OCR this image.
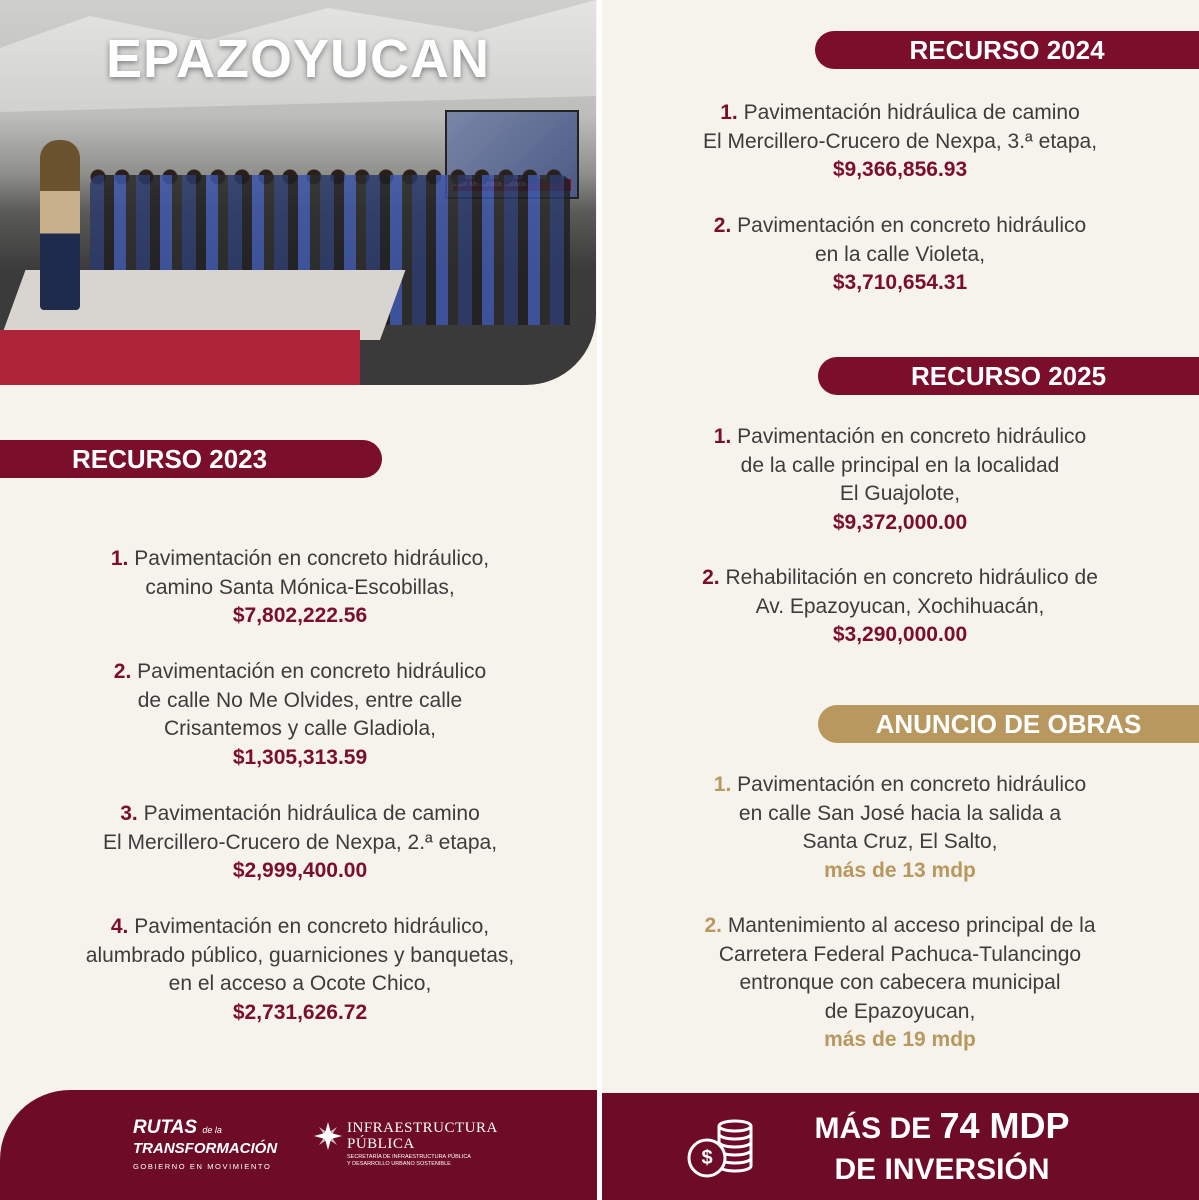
EPAZOYUCAN
RECURSO 2023
1. Pavimentación en concreto hidráulico,
camino Santa Mónica-Escobillas,
$7,802,222.56
2. Pavimentación en concreto hidráulico
de calle No Me Olvides, entre calle
Crisantemos y calle Gladiola,
$1,305,313.59
3. Pavimentación hidráulica de camino
El Mercillero-Crucero de Nexpa, 2.ª etapa,
$2,999,400.00
4. Pavimentación en concreto hidráulico,
alumbrado público, guarniciones y banquetas,
en el acceso a Ocote Chico,
$2,731,626.72
RECURSO 2024
1. Pavimentación hidráulica de camino
El Mercillero-Crucero de Nexpa, 3.ª etapa,
$9,366,856.93
2. Pavimentación en concreto hidráulico
en la calle Violeta,
$3,710,654.31
RECURSO 2025
1. Pavimentación en concreto hidráulico
de la calle principal en la localidad
El Guajolote,
$9,372,000.00
2. Rehabilitación en concreto hidráulico de
Av. Epazoyucan, Xochihuacán,
$3,290,000.00
ANUNCIO DE OBRAS
1. Pavimentación en concreto hidráulico
en calle San José hacia la salida a
Santa Cruz, El Salto,
más de 13 mdp
2. Mantenimiento al acceso principal de la
Carretera Federal Pachuca-Tulancingo
entronque con cabecera municipal
de Epazoyucan,
más de 19 mdp
RUTAS de la
TRANSFORMACIÓN
GOBIERNO EN MOVIMIENTO
INFRAESTRUCTURA
PÚBLICA
SECRETARÍA DE INFRAESTRUCTURA PÚBLICA
Y DESARROLLO URBANO SOSTENIBLE	$
MÁS DE 74 MDP
DE INVERSIÓN
